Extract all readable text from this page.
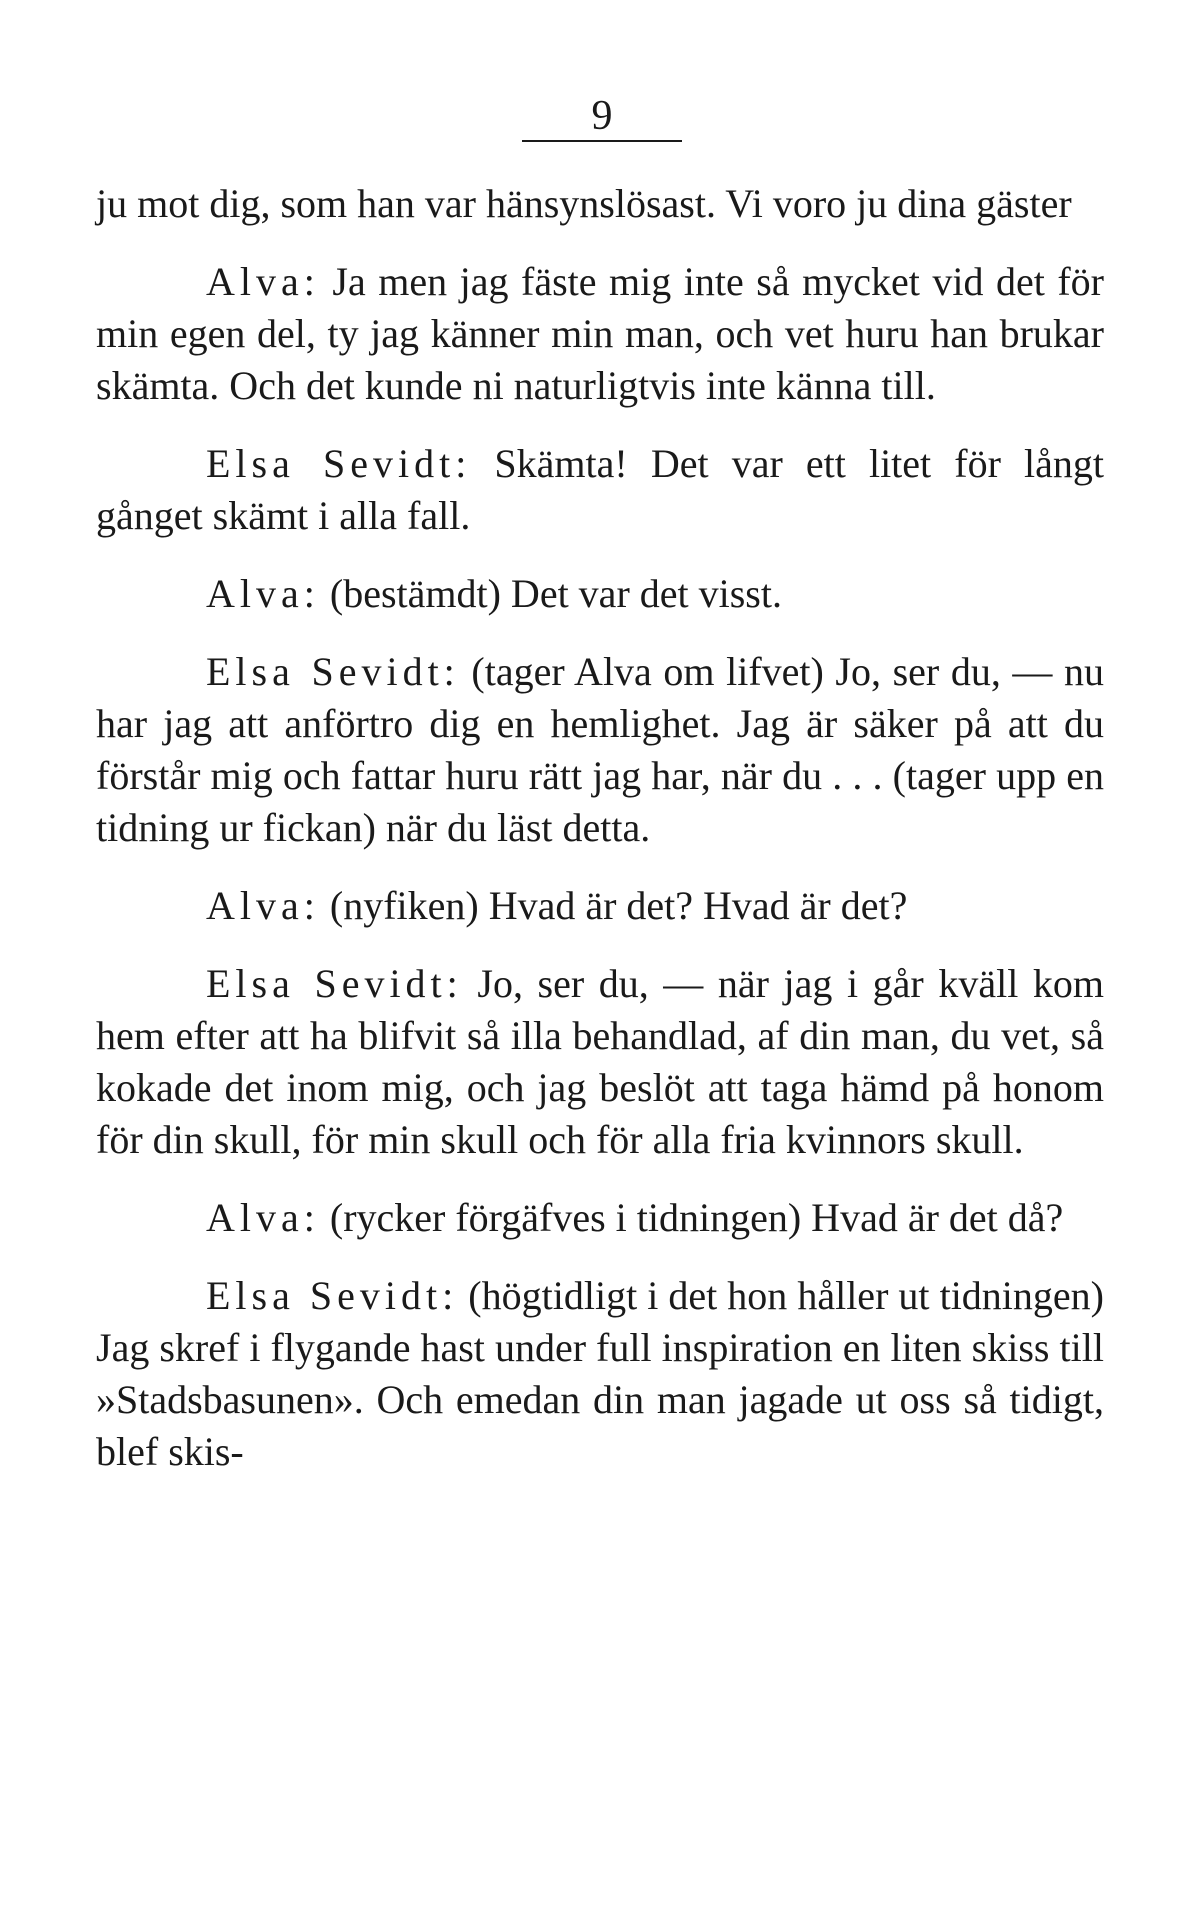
9

ju mot dig, som han var hänsynslösast. Vi voro ju dina gäster

Alva: Ja men jag fäste mig inte så mycket vid det för min egen del, ty jag känner min man, och vet huru han brukar skämta. Och det kunde ni naturligtvis inte känna till.

Elsa Sevidt: Skämta! Det var ett litet för långt gånget skämt i alla fall.

Alva: (bestämdt) Det var det visst.

Elsa Sevidt: (tager Alva om lifvet) Jo, ser du, — nu har jag att anförtro dig en hemlighet. Jag är säker på att du förstår mig och fattar huru rätt jag har, när du . . . (tager upp en tidning ur fickan) när du läst detta.

Alva: (nyfiken) Hvad är det? Hvad är det?

Elsa Sevidt: Jo, ser du, — när jag i går kväll kom hem efter att ha blifvit så illa behandlad, af din man, du vet, så kokade det inom mig, och jag beslöt att taga hämd på honom för din skull, för min skull och för alla fria kvinnors skull.

Alva: (rycker förgäfves i tidningen) Hvad är det då?

Elsa Sevidt: (högtidligt i det hon håller ut tidningen) Jag skref i flygande hast under full inspiration en liten skiss till »Stadsbasunen». Och emedan din man jagade ut oss så tidigt, blef skis-
